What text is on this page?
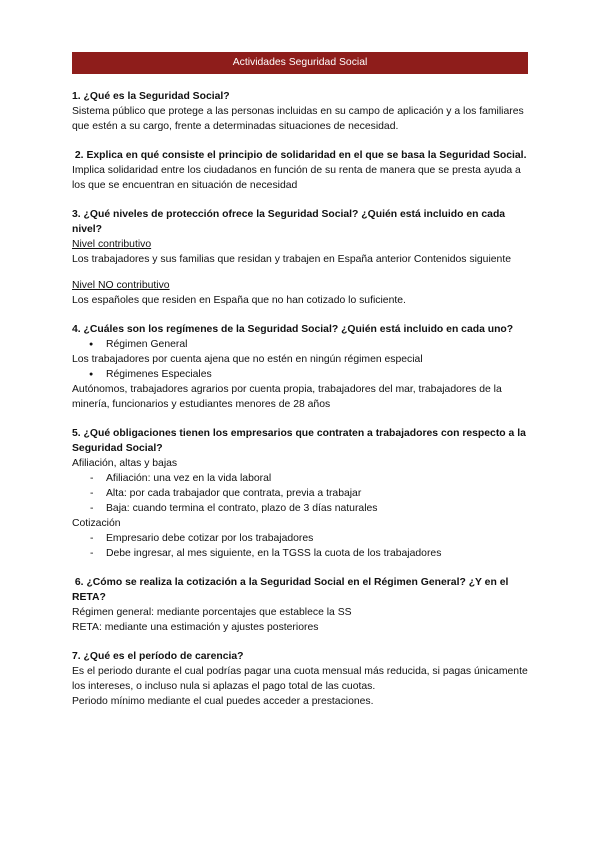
Actividades Seguridad Social

1. ¿Qué es la Seguridad Social?

Sistema público que protege a las personas incluidas en su campo de aplicación y a los familiares que estén a su cargo, frente a determinadas situaciones de necesidad.

2. Explica en qué consiste el principio de solidaridad en el que se basa la Seguridad Social.

Implica solidaridad entre los ciudadanos en función de su renta de manera que se presta ayuda a los que se encuentran en situación de necesidad

3. ¿Qué niveles de protección ofrece la Seguridad Social? ¿Quién está incluido en cada nivel?

Nivel contributivo

Los trabajadores y sus familias que residan y trabajen en España anterior Contenidos siguiente

Nivel NO contributivo

Los españoles que residen en España que no han cotizado lo suficiente.

4. ¿Cuáles son los regímenes de la Seguridad Social? ¿Quién está incluido en cada uno?

● Régimen General

Los trabajadores por cuenta ajena que no estén en ningún régimen especial

● Régimenes Especiales

Autónomos, trabajadores agrarios por cuenta propia, trabajadores del mar, trabajadores de la minería, funcionarios y estudiantes menores de 28 años

5. ¿Qué obligaciones tienen los empresarios que contraten a trabajadores con respecto a la Seguridad Social?

Afiliación, altas y bajas

- Afiliación: una vez en la vida laboral
- Alta: por cada trabajador que contrata, previa a trabajar
- Baja: cuando termina el contrato, plazo de 3 días naturales

Cotización

- Empresario debe cotizar por los trabajadores
- Debe ingresar, al mes siguiente, en la TGSS la cuota de los trabajadores

6. ¿Cómo se realiza la cotización a la Seguridad Social en el Régimen General? ¿Y en el RETA?

Régimen general: mediante porcentajes que establece la SS

RETA: mediante una estimación y ajustes posteriores

7. ¿Qué es el período de carencia?

Es el periodo durante el cual podrías pagar una cuota mensual más reducida, si pagas únicamente los intereses, o incluso nula si aplazas el pago total de las cuotas.

Periodo mínimo mediante el cual puedes acceder a prestaciones.
